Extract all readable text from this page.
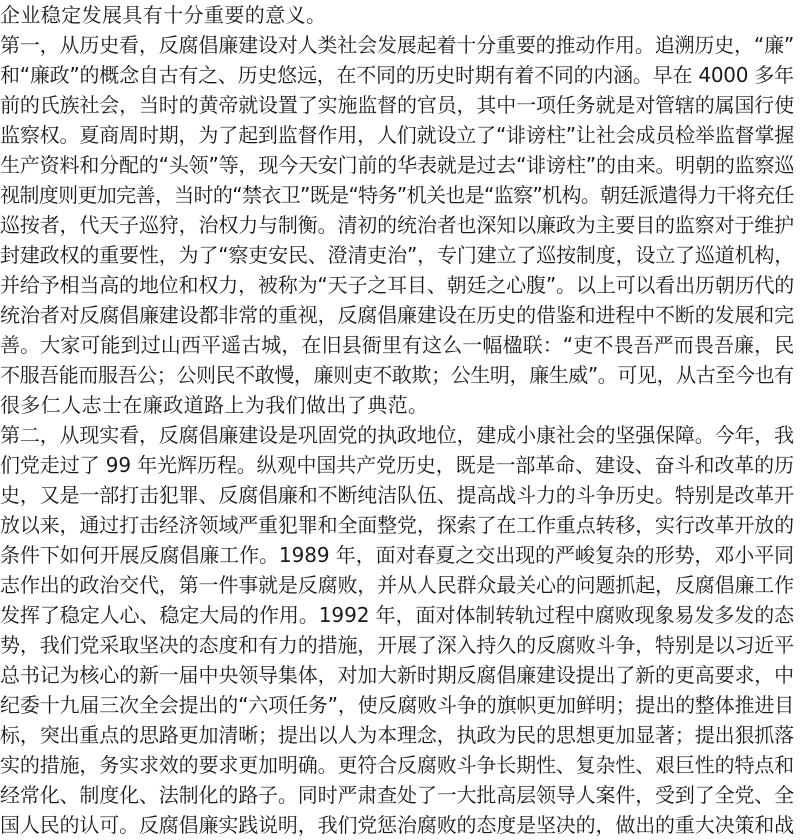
企业稳定发展具有十分重要的意义。
第一，从历史看，反腐倡廉建设对人类社会发展起着十分重要的推动作用。追溯历史，“廉”
和“廉政”的概念自古有之、历史悠远，在不同的历史时期有着不同的内涵。早在 4000 多年
前的氏族社会，当时的黄帝就设置了实施监督的官员，其中一项任务就是对管辖的属国行使
监察权。夏商周时期，为了起到监督作用，人们就设立了“诽谤柱”让社会成员检举监督掌握
生产资料和分配的“头领”等，现今天安门前的华表就是过去“诽谤柱”的由来。明朝的监察巡
视制度则更加完善，当时的“禁衣卫”既是“特务”机关也是“监察”机构。朝廷派遣得力干将充任
巡按者，代天子巡狩，治权力与制衡。清初的统治者也深知以廉政为主要目的监察对于维护
封建政权的重要性，为了“察吏安民、澄清吏治”，专门建立了巡按制度，设立了巡道机构，
并给予相当高的地位和权力，被称为“天子之耳目、朝廷之心腹”。以上可以看出历朝历代的
统治者对反腐倡廉建设都非常的重视，反腐倡廉建设在历史的借鉴和进程中不断的发展和完
善。大家可能到过山西平遥古城，在旧县衙里有这么一幅楹联：“吏不畏吾严而畏吾廉，民
不服吾能而服吾公；公则民不敢慢，廉则吏不敢欺；公生明，廉生威”。可见，从古至今也有
很多仁人志士在廉政道路上为我们做出了典范。
第二，从现实看，反腐倡廉建设是巩固党的执政地位，建成小康社会的坚强保障。今年，我
们党走过了 99 年光辉历程。纵观中国共产党历史，既是一部革命、建设、奋斗和改革的历
史，又是一部打击犯罪、反腐倡廉和不断纯洁队伍、提高战斗力的斗争历史。特别是改革开
放以来，通过打击经济领域严重犯罪和全面整党，探索了在工作重点转移，实行改革开放的
条件下如何开展反腐倡廉工作。1989 年，面对春夏之交出现的严峻复杂的形势，邓小平同
志作出的政治交代，第一件事就是反腐败，并从人民群众最关心的问题抓起，反腐倡廉工作
发挥了稳定人心、稳定大局的作用。1992 年，面对体制转轨过程中腐败现象易发多发的态
势，我们党采取坚决的态度和有力的措施，开展了深入持久的反腐败斗争，特别是以习近平
总书记为核心的新一届中央领导集体，对加大新时期反腐倡廉建设提出了新的更高要求，中
纪委十九届三次全会提出的“六项任务”，使反腐败斗争的旗帜更加鲜明；提出的整体推进目
标，突出重点的思路更加清晰；提出以人为本理念，执政为民的思想更加显著；提出狠抓落
实的措施，务实求效的要求更加明确。更符合反腐败斗争长期性、复杂性、艰巨性的特点和
经常化、制度化、法制化的路子。同时严肃查处了一大批高层领导人案件，受到了全党、全
国人民的认可。反腐倡廉实践说明，我们党惩治腐败的态度是坚决的，做出的重大决策和战
